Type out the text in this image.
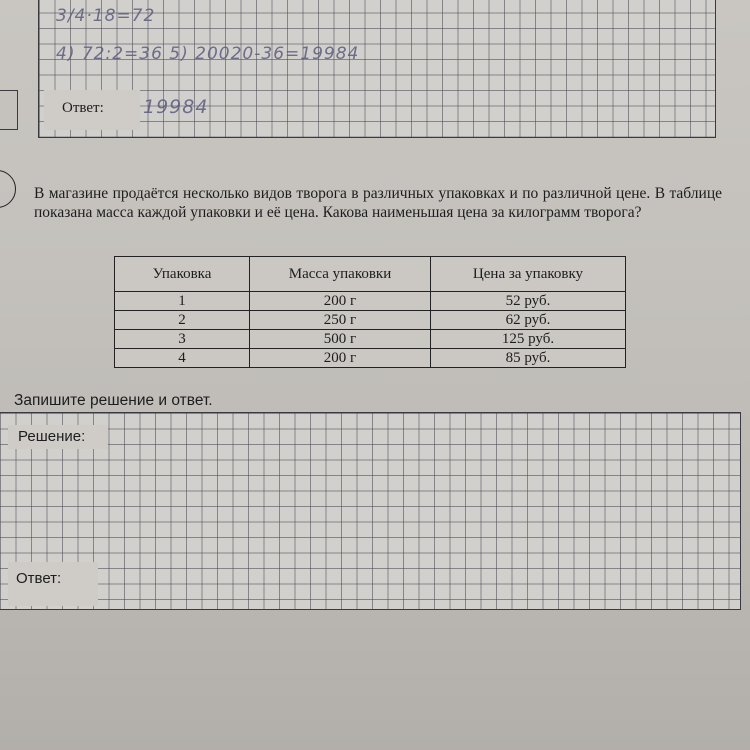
3/4·18=72
4) 72:2=36 5) 20020-36=19984
Ответ: 19984
В магазине продаётся несколько видов творога в различных упаковках и по различной цене. В таблице показана масса каждой упаковки и её цена. Какова наименьшая цена за килограмм творога?
Упаковка	Масса упаковки	Цена за упаковку
1	200 г	52 руб.
2	250 г	62 руб.
3	500 г	125 руб.
4	200 г	85 руб.
Запишите решение и ответ.
Решение:
Ответ:
